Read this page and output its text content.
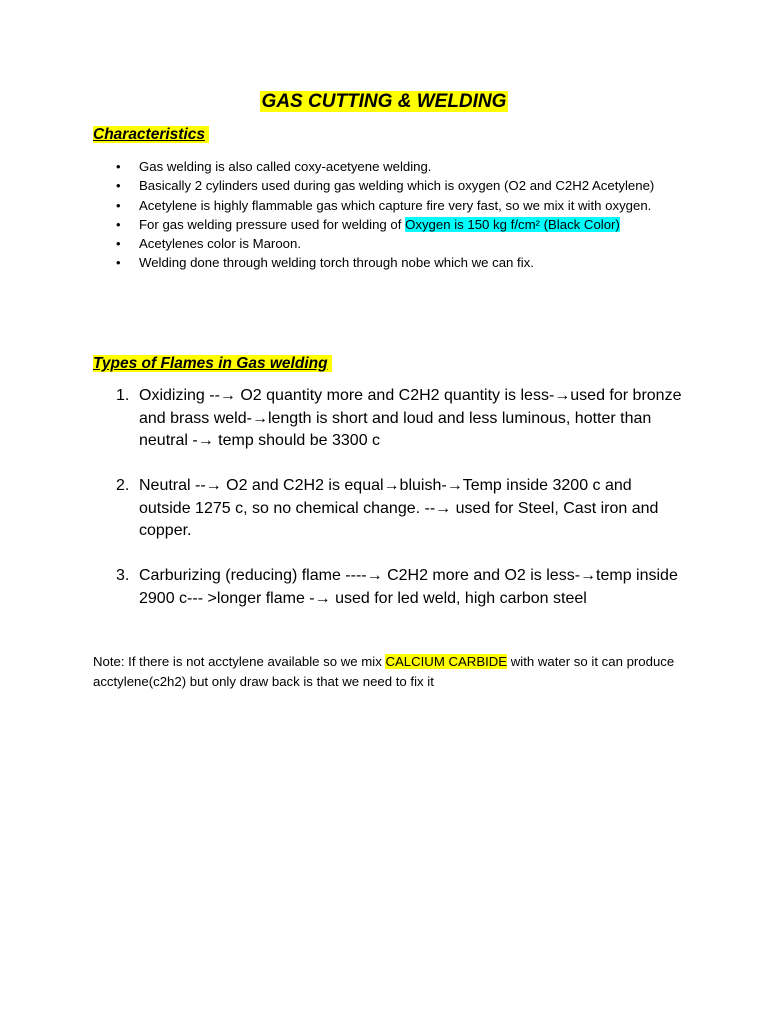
GAS CUTTING & WELDING
Characteristics
• Gas welding is also called coxy-acetyene welding.
• Basically 2 cylinders used during gas welding which is oxygen (O2 and C2H2 Acetylene)
• Acetylene is highly flammable gas which capture fire very fast, so we mix it with oxygen.
• For gas welding pressure used for welding of Oxygen is 150 kg f/cm² (Black Color)
• Acetylenes color is Maroon.
• Welding done through welding torch through nobe which we can fix.
Types of Flames in Gas welding
1. Oxidizing --→ O2 quantity more and C2H2 quantity is less-→used for bronze and brass weld-→length is short and loud and less luminous, hotter than neutral -→ temp should be 3300 c
2. Neutral --→ O2 and C2H2 is equal→bluish-→Temp inside 3200 c and outside 1275 c, so no chemical change. --→ used for Steel, Cast iron and copper.
3. Carburizing (reducing) flame ----→ C2H2 more and O2 is less-→temp inside 2900 c--- >longer flame -→ used for led weld, high carbon steel
Note: If there is not acctylene available so we mix CALCIUM CARBIDE with water so it can produce acctylene(c2h2) but only draw back is that we need to fix it
